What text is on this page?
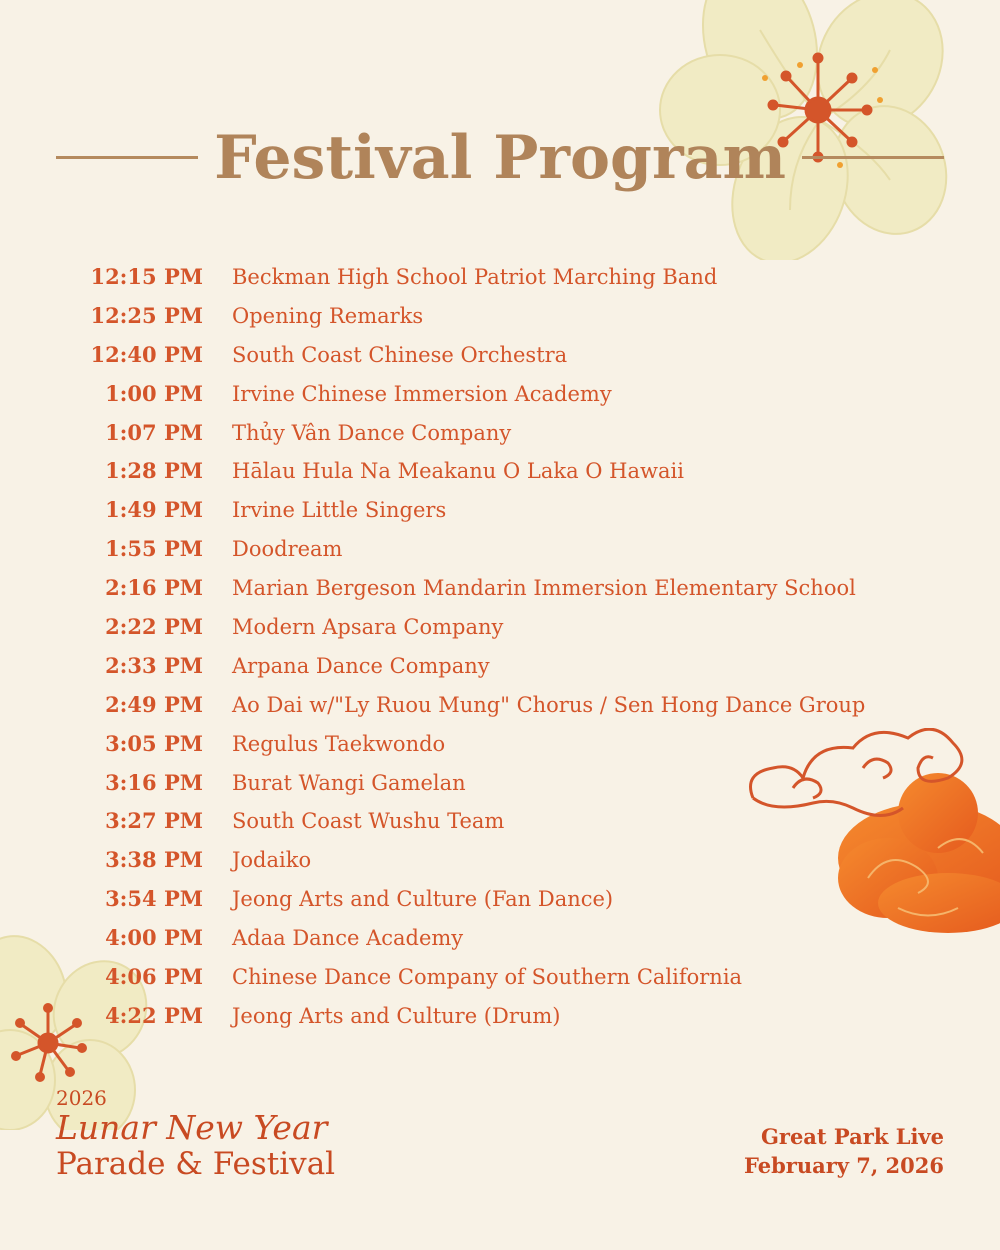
Festival Program
12:15 PM Beckman High School Patriot Marching Band
12:25 PM Opening Remarks
12:40 PM South Coast Chinese Orchestra
1:00 PM Irvine Chinese Immersion Academy
1:07 PM Thủy Vân Dance Company
1:28 PM Hālau Hula Na Meakanu O Laka O Hawaii
1:49 PM Irvine Little Singers
1:55 PM Doodream
2:16 PM Marian Bergeson Mandarin Immersion Elementary School
2:22 PM Modern Apsara Company
2:33 PM Arpana Dance Company
2:49 PM Ao Dai w/"Ly Ruou Mung" Chorus / Sen Hong Dance Group
3:05 PM Regulus Taekwondo
3:16 PM Burat Wangi Gamelan
3:27 PM South Coast Wushu Team
3:38 PM Jodaiko
3:54 PM Jeong Arts and Culture (Fan Dance)
4:00 PM Adaa Dance Academy
4:06 PM Chinese Dance Company of Southern California
4:22 PM Jeong Arts and Culture (Drum)
2026
Lunar New Year
Parade & Festival
Great Park Live
February 7, 2026
